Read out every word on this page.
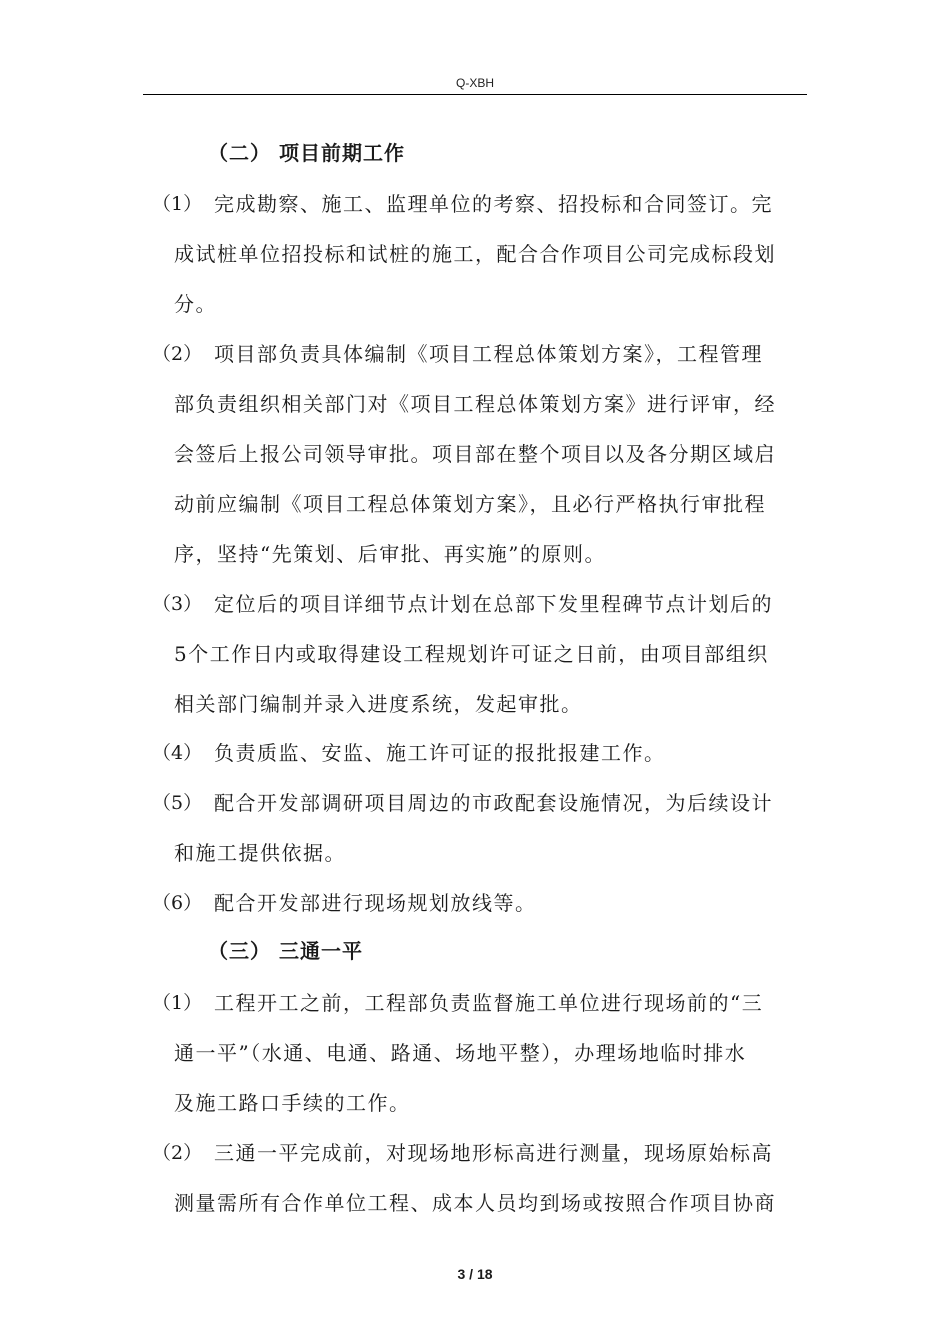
Q-XBH
（二） 项目前期工作
（1） 完成勘察、施工、监理单位的考察、招投标和合同签订。完
成试桩单位招投标和试桩的施工，配合合作项目公司完成标段划
分。
（2） 项目部负责具体编制《项目工程总体策划方案》，工程管理
部负责组织相关部门对《项目工程总体策划方案》进行评审，经
会签后上报公司领导审批。项目部在整个项目以及各分期区域启
动前应编制《项目工程总体策划方案》，且必行严格执行审批程
序，坚持“先策划、后审批、再实施”的原则。
（3） 定位后的项目详细节点计划在总部下发里程碑节点计划后的
5个工作日内或取得建设工程规划许可证之日前，由项目部组织
相关部门编制并录入进度系统，发起审批。
（4） 负责质监、安监、施工许可证的报批报建工作。
（5） 配合开发部调研项目周边的市政配套设施情况，为后续设计
和施工提供依据。
（6） 配合开发部进行现场规划放线等。
（三） 三通一平
（1） 工程开工之前，工程部负责监督施工单位进行现场前的“三
通一平”（水通、电通、路通、场地平整），办理场地临时排水
及施工路口手续的工作。
（2） 三通一平完成前，对现场地形标高进行测量，现场原始标高
测量需所有合作单位工程、成本人员均到场或按照合作项目协商
3 / 18
